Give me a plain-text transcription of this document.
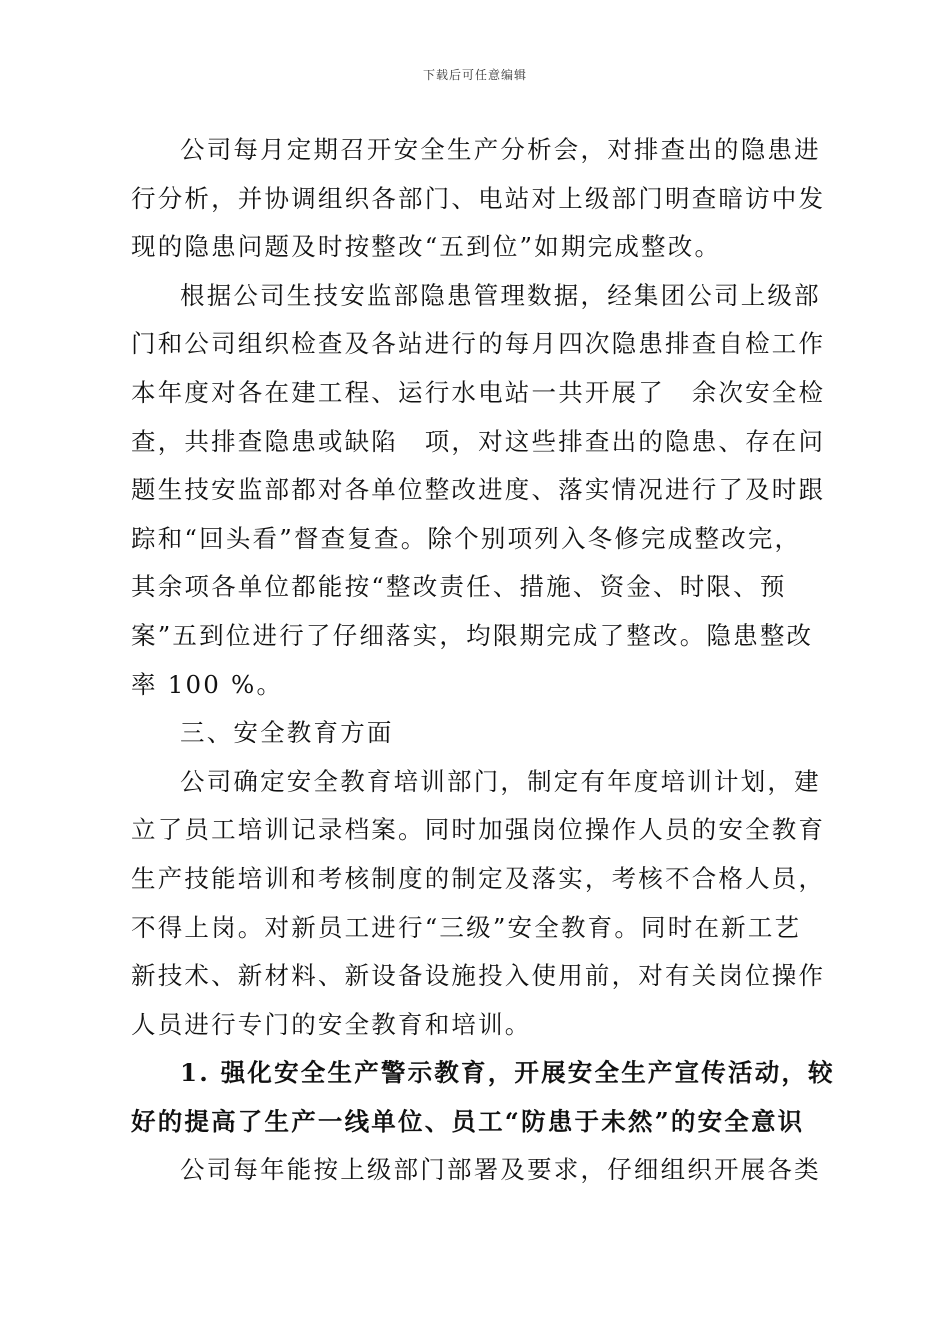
下载后可任意编辑
公司每月定期召开安全生产分析会，对排查出的隐患进
行分析，并协调组织各部门、电站对上级部门明查暗访中发
现的隐患问题及时按整改“五到位”如期完成整改。
根据公司生技安监部隐患管理数据，经集团公司上级部
门和公司组织检查及各站进行的每月四次隐患排查自检工作
本年度对各在建工程、运行水电站一共开展了　余次安全检
查，共排查隐患或缺陷　项，对这些排查出的隐患、存在问
题生技安监部都对各单位整改进度、落实情况进行了及时跟
踪和“回头看”督查复查。除个别项列入冬修完成整改完，
其余项各单位都能按“整改责任、措施、资金、时限、预
案”五到位进行了仔细落实，均限期完成了整改。隐患整改
率 100 %。
三、安全教育方面
公司确定安全教育培训部门，制定有年度培训计划，建
立了员工培训记录档案。同时加强岗位操作人员的安全教育
生产技能培训和考核制度的制定及落实，考核不合格人员，
不得上岗。对新员工进行“三级”安全教育。同时在新工艺
新技术、新材料、新设备设施投入使用前，对有关岗位操作
人员进行专门的安全教育和培训。
1. 强化安全生产警示教育，开展安全生产宣传活动，较
好的提高了生产一线单位、员工“防患于未然”的安全意识
公司每年能按上级部门部署及要求，仔细组织开展各类
